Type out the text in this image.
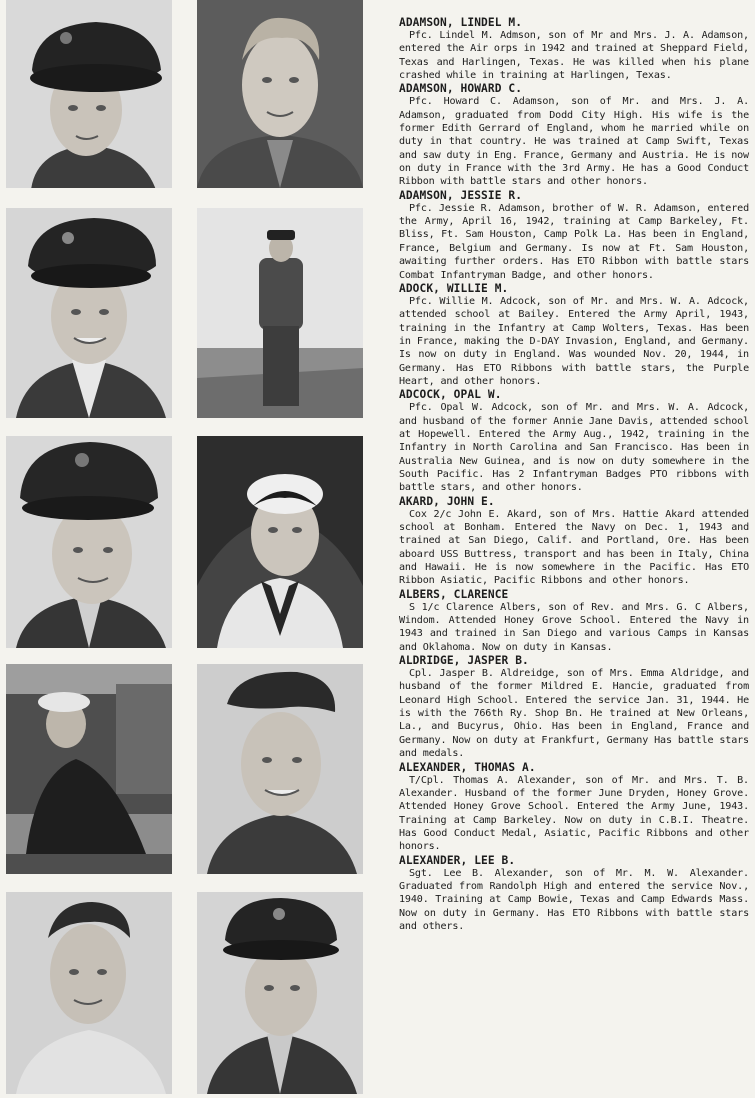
ADAMSON, LINDEL M.

Pfc. Lindel M. Admson, son of Mr and Mrs. J. A. Adamson, entered the Air orps in 1942 and trained at Sheppard Field, Texas and Harlingen, Texas. He was killed when his plane crashed while in training at Harlingen, Texas.

ADAMSON, HOWARD C.

Pfc. Howard C. Adamson, son of Mr. and Mrs. J. A. Adamson, graduated from Dodd City High. His wife is the former Edith Gerrard of England, whom he married while on duty in that country. He was trained at Camp Swift, Texas and saw duty in Eng. France, Germany and Austria. He is now on duty in France with the 3rd Army. He has a Good Conduct Ribbon with battle stars and other honors.

ADAMSON, JESSIE R.

Pfc. Jessie R. Adamson, brother of W. R. Adamson, entered the Army, April 16, 1942, training at Camp Barkeley, Ft. Bliss, Ft. Sam Houston, Camp Polk La. Has been in England, France, Belgium and Germany. Is now at Ft. Sam Houston, awaiting further orders. Has ETO Ribbon with battle stars Combat Infantryman Badge, and other honors.

ADOCK, WILLIE M.

Pfc. Willie M. Adcock, son of Mr. and Mrs. W. A. Adcock, attended school at Bailey. Entered the Army April, 1943, training in the Infantry at Camp Wolters, Texas. Has been in France, making the D-DAY Invasion, England, and Germany. Is now on duty in England. Was wounded Nov. 20, 1944, in Germany. Has ETO Ribbons with battle stars, the Purple Heart, and other honors.

ADCOCK, OPAL W.

Pfc. Opal W. Adcock, son of Mr. and Mrs. W. A. Adcock, and husband of the former Annie Jane Davis, attended school at Hopewell. Entered the Army Aug., 1942, training in the Infantry in North Carolina and San Francisco. Has been in Australia New Guinea, and is now on duty somewhere in the South Pacific. Has 2 Infantryman Badges PTO ribbons with battle stars, and other honors.

AKARD, JOHN E.

Cox 2/c John E. Akard, son of Mrs. Hattie Akard attended school at Bonham. Entered the Navy on Dec. 1, 1943 and trained at San Diego, Calif. and Portland, Ore. Has been aboard USS Buttress, transport and has been in Italy, China and Hawaii. He is now somewhere in the Pacific. Has ETO Ribbon Asiatic, Pacific Ribbons and other honors.

ALBERS, CLARENCE

S 1/c Clarence Albers, son of Rev. and Mrs. G. C Albers, Windom. Attended Honey Grove School. Entered the Navy in 1943 and trained in San Diego and various Camps in Kansas and Oklahoma. Now on duty in Kansas.

ALDRIDGE, JASPER B.

Cpl. Jasper B. Aldreidge, son of Mrs. Emma Aldridge, and husband of the former Mildred E. Hancie, graduated from Leonard High School. Entered the service Jan. 31, 1944. He is with the 766th Ry. Shop Bn. He trained at New Orleans, La., and Bucyrus, Ohio. Has been in England, France and Germany. Now on duty at Frankfurt, Germany Has battle stars and medals.

ALEXANDER, THOMAS A.

T/Cpl. Thomas A. Alexander, son of Mr. and Mrs. T. B. Alexander. Husband of the former June Dryden, Honey Grove. Attended Honey Grove School. Entered the Army June, 1943. Training at Camp Barkeley. Now on duty in C.B.I. Theatre. Has Good Conduct Medal, Asiatic, Pacific Ribbons and other honors.

ALEXANDER, LEE B.

Sgt. Lee B. Alexander, son of Mr. M. W. Alexander. Graduated from Randolph High and entered the service Nov., 1940. Training at Camp Bowie, Texas and Camp Edwards Mass. Now on duty in Germany. Has ETO Ribbons with battle stars and others.
